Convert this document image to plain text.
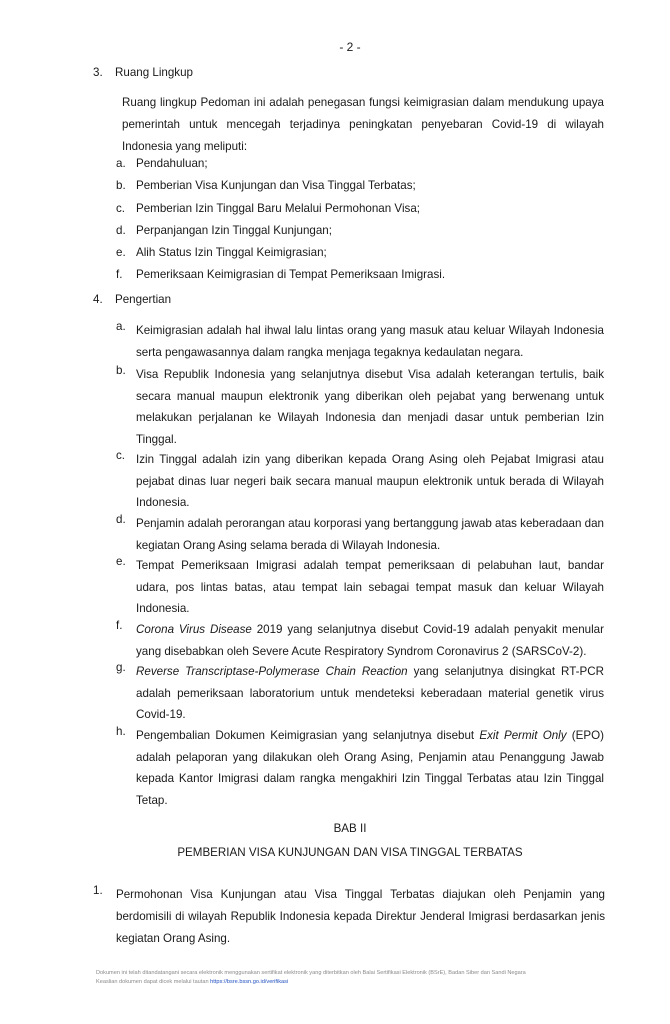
- 2 -
3. Ruang Lingkup
Ruang lingkup Pedoman ini adalah penegasan fungsi keimigrasian dalam mendukung upaya pemerintah untuk mencegah terjadinya peningkatan penyebaran Covid-19 di wilayah Indonesia yang meliputi:
a. Pendahuluan;
b. Pemberian Visa Kunjungan dan Visa Tinggal Terbatas;
c. Pemberian Izin Tinggal Baru Melalui Permohonan Visa;
d. Perpanjangan Izin Tinggal Kunjungan;
e. Alih Status Izin Tinggal Keimigrasian;
f.	Pemeriksaan Keimigrasian di Tempat Pemeriksaan Imigrasi.
4. Pengertian
a. Keimigrasian adalah hal ihwal lalu lintas orang yang masuk atau keluar Wilayah Indonesia serta pengawasannya dalam rangka menjaga tegaknya kedaulatan negara.
b. Visa Republik Indonesia yang selanjutnya disebut Visa adalah keterangan tertulis, baik secara manual maupun elektronik yang diberikan oleh pejabat yang berwenang untuk melakukan perjalanan ke Wilayah Indonesia dan menjadi dasar untuk pemberian Izin Tinggal.
c. Izin Tinggal adalah izin yang diberikan kepada Orang Asing oleh Pejabat Imigrasi atau pejabat dinas luar negeri baik secara manual maupun elektronik untuk berada di Wilayah Indonesia.
d. Penjamin adalah perorangan atau korporasi yang bertanggung jawab atas keberadaan dan kegiatan Orang Asing selama berada di Wilayah Indonesia.
e. Tempat Pemeriksaan Imigrasi adalah tempat pemeriksaan di pelabuhan laut, bandar udara, pos lintas batas, atau tempat lain sebagai tempat masuk dan keluar Wilayah Indonesia.
f.	Corona Virus Disease 2019 yang selanjutnya disebut Covid-19 adalah penyakit menular yang disebabkan oleh Severe Acute Respiratory Syndrom Coronavirus 2 (SARSCoV-2).
g. Reverse Transcriptase-Polymerase Chain Reaction yang selanjutnya disingkat RT-PCR adalah pemeriksaan laboratorium untuk mendeteksi keberadaan material genetik virus Covid-19.
h. Pengembalian Dokumen Keimigrasian yang selanjutnya disebut Exit Permit Only (EPO) adalah pelaporan yang dilakukan oleh Orang Asing, Penjamin atau Penanggung Jawab kepada Kantor Imigrasi dalam rangka mengakhiri Izin Tinggal Terbatas atau Izin Tinggal Tetap.
BAB II
PEMBERIAN VISA KUNJUNGAN DAN VISA TINGGAL TERBATAS
1.	Permohonan Visa Kunjungan atau Visa Tinggal Terbatas diajukan oleh Penjamin yang berdomisili di wilayah Republik Indonesia kepada Direktur Jenderal Imigrasi berdasarkan jenis kegiatan Orang Asing.
Dokumen ini telah ditandatangani secara elektronik menggunakan sertifikat elektronik yang diterbitkan oleh Balai Sertifikasi Elektronik (BSrE), Badan Siber dan Sandi Negara
Keaslian dokumen dapat dicek melalui tautan https://bsre.bssn.go.id/verifikasi
